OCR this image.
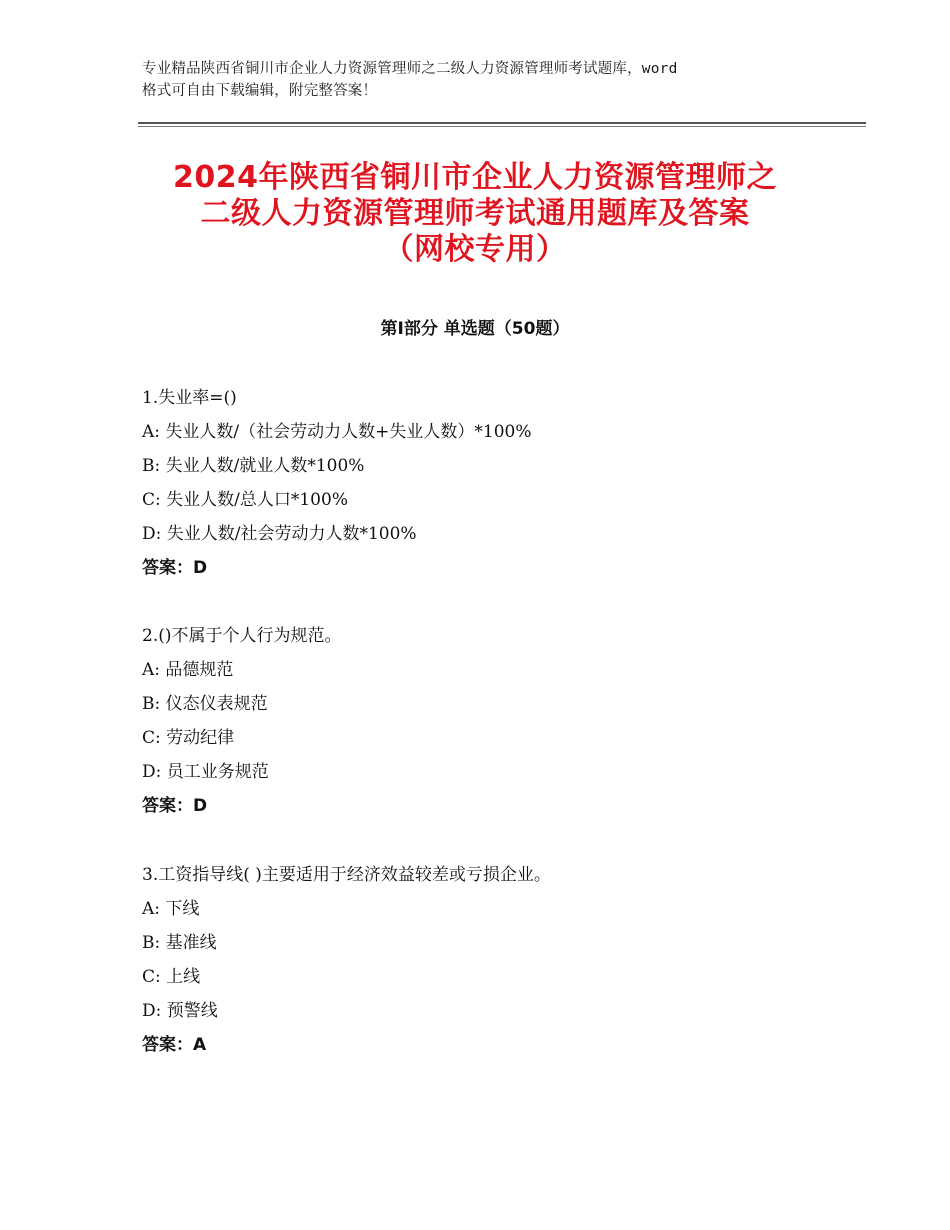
专业精品陕西省铜川市企业人力资源管理师之二级人力资源管理师考试题库，word
格式可自由下载编辑，附完整答案！
2024年陕西省铜川市企业人力资源管理师之
二级人力资源管理师考试通用题库及答案
（网校专用）
第Ⅰ部分 单选题（50题）
1.失业率=()
A: 失业人数/（社会劳动力人数+失业人数）*100%
B: 失业人数/就业人数*100%
C: 失业人数/总人口*100%
D: 失业人数/社会劳动力人数*100%
答案：D
2.()不属于个人行为规范。
A: 品德规范
B: 仪态仪表规范
C: 劳动纪律
D: 员工业务规范
答案：D
3.工资指导线( )主要适用于经济效益较差或亏损企业。
A: 下线
B: 基准线
C: 上线
D: 预警线
答案：A
